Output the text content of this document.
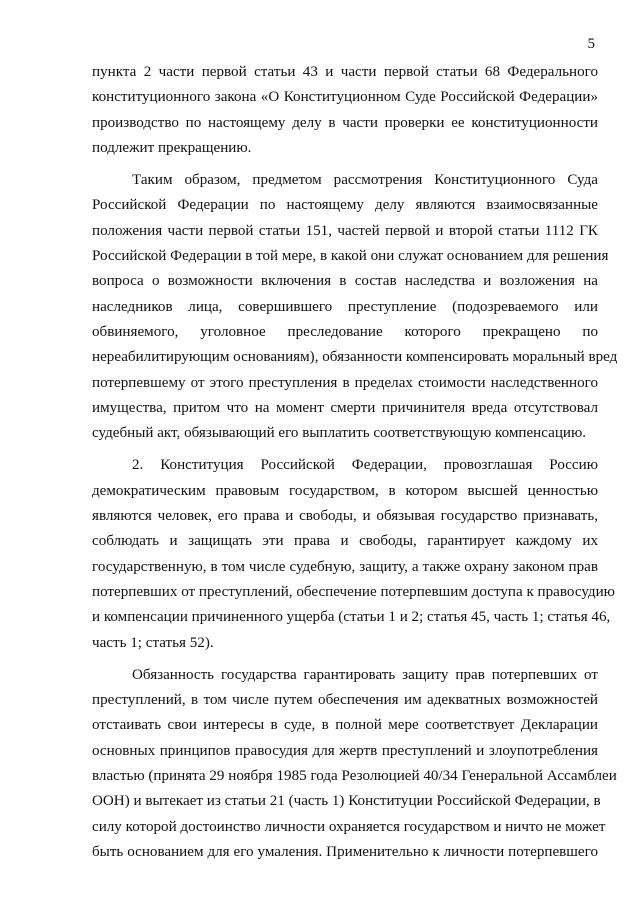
5
пункта 2 части первой статьи 43 и части первой статьи 68 Федерального
конституционного закона «О Конституционном Суде Российской Федерации»
производство по настоящему делу в части проверки ее конституционности
подлежит прекращению.
Таким образом, предметом рассмотрения Конституционного Суда
Российской Федерации по настоящему делу являются взаимосвязанные
положения части первой статьи 151, частей первой и второй статьи 1112 ГК
Российской Федерации в той мере, в какой они служат основанием для решения
вопроса о возможности включения в состав наследства и возложения на
наследников лица, совершившего преступление (подозреваемого или
обвиняемого, уголовное преследование которого прекращено по
нереабилитирующим основаниям), обязанности компенсировать моральный вред
потерпевшему от этого преступления в пределах стоимости наследственного
имущества, притом что на момент смерти причинителя вреда отсутствовал
судебный акт, обязывающий его выплатить соответствующую компенсацию.
2. Конституция Российской Федерации, провозглашая Россию
демократическим правовым государством, в котором высшей ценностью
являются человек, его права и свободы, и обязывая государство признавать,
соблюдать и защищать эти права и свободы, гарантирует каждому их
государственную, в том числе судебную, защиту, а также охрану законом прав
потерпевших от преступлений, обеспечение потерпевшим доступа к правосудию
и компенсации причиненного ущерба (статьи 1 и 2; статья 45, часть 1; статья 46,
часть 1; статья 52).
Обязанность государства гарантировать защиту прав потерпевших от
преступлений, в том числе путем обеспечения им адекватных возможностей
отстаивать свои интересы в суде, в полной мере соответствует Декларации
основных принципов правосудия для жертв преступлений и злоупотребления
властью (принята 29 ноября 1985 года Резолюцией 40/34 Генеральной Ассамблеи
ООН) и вытекает из статьи 21 (часть 1) Конституции Российской Федерации, в
силу которой достоинство личности охраняется государством и ничто не может
быть основанием для его умаления. Применительно к личности потерпевшего
